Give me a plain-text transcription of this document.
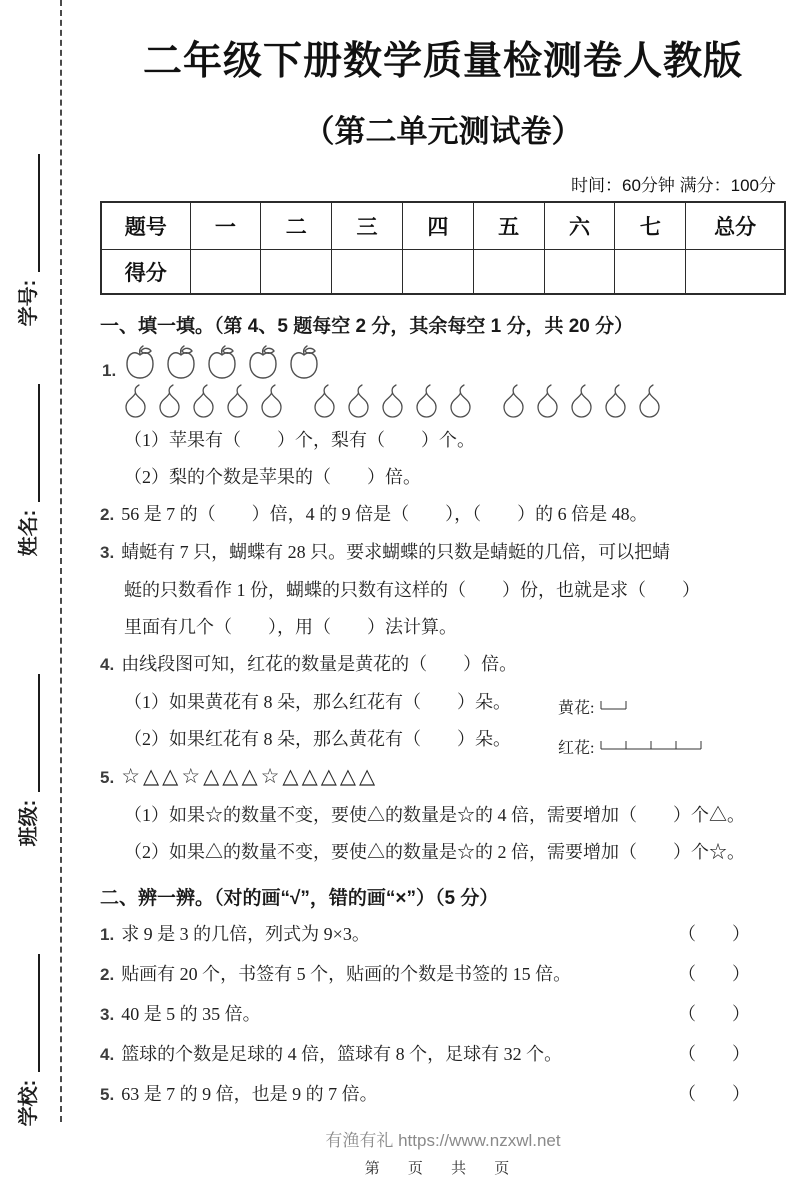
学号:
姓名:
班级:
学校:
二年级下册数学质量检测卷人教版
（第二单元测试卷）
时间：60分钟 满分：100分
题号	一	二	三	四	五	六	七	总分
得分								
一、填一填。（第 4、5 题每空 2 分，其余每空 1 分，共 20 分）
1.
（1）苹果有（　　）个，梨有（　　）个。
（2）梨的个数是苹果的（　　）倍。
2. 56 是 7 的（　　）倍，4 的 9 倍是（　　），（　　）的 6 倍是 48。
3. 蜻蜓有 7 只，蝴蝶有 28 只。要求蝴蝶的只数是蜻蜓的几倍，可以把蜻
蜓的只数看作 1 份，蝴蝶的只数有这样的（　　）份，也就是求（　　）
里面有几个（　　），用（　　）法计算。
4. 由线段图可知，红花的数量是黄花的（　　）倍。
（1）如果黄花有 8 朵，那么红花有（　　）朵。
（2）如果红花有 8 朵，那么黄花有（　　）朵。
黄花:
红花:
5. ☆△△☆△△△☆△△△△△
（1）如果☆的数量不变，要使△的数量是☆的 4 倍，需要增加（　　）个△。
（2）如果△的数量不变，要使△的数量是☆的 2 倍，需要增加（　　）个☆。
二、辨一辨。（对的画“√”，错的画“×”）（5 分）
1. 求 9 是 3 的几倍，列式为 9×3。	（　　）
2. 贴画有 20 个，书签有 5 个，贴画的个数是书签的 15 倍。	（　　）
3. 40 是 5 的 35 倍。	（　　）
4. 篮球的个数是足球的 4 倍，篮球有 8 个，足球有 32 个。	（　　）
5. 63 是 7 的 9 倍，也是 9 的 7 倍。	（　　）
有渔有礼 https://www.nzxwl.net
第 页 共 页
